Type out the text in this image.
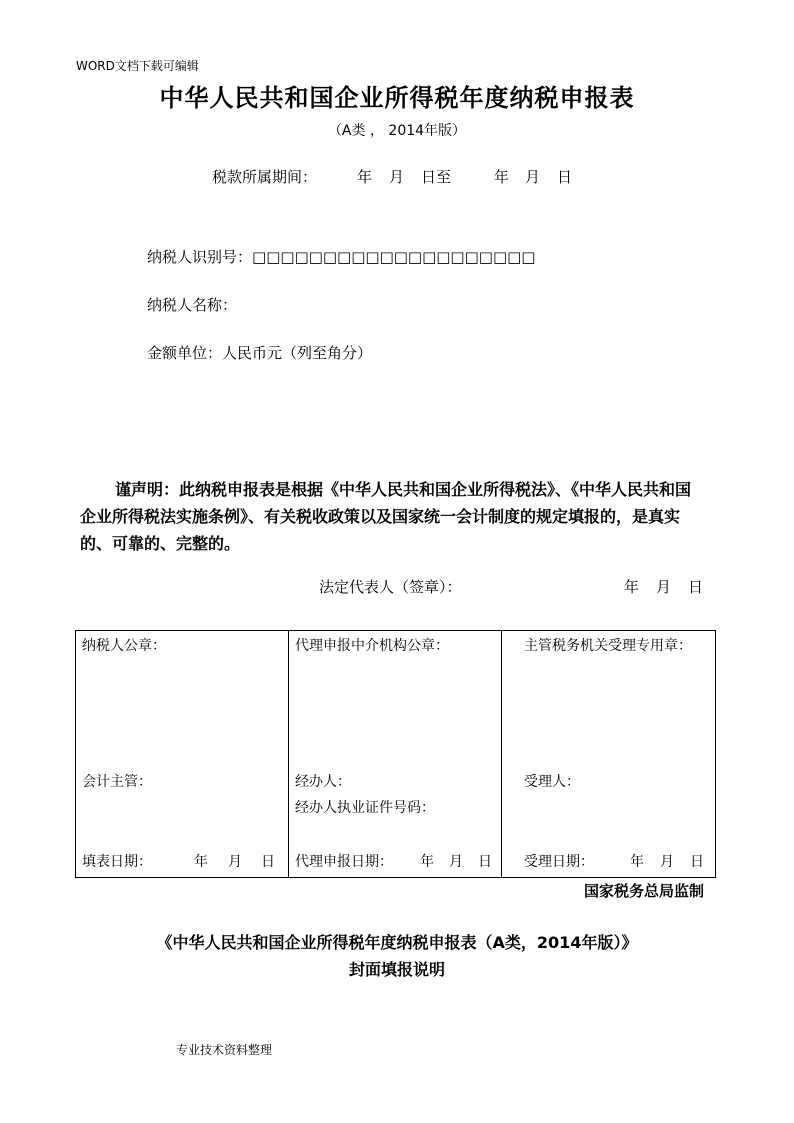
WORD文档下载可编辑
中华人民共和国企业所得税年度纳税申报表
（A类 ， 2014年版）
税款所属期间：	年 月 日至	年 月 日
纳税人识别号：□□□□□□□□□□□□□□□□□□□□
纳税人名称：
金额单位：人民币元（列至角分）
谨声明：此纳税申报表是根据《中华人民共和国企业所得税法》、《中华人民共和国企业所得税法实施条例》、有关税收政策以及国家统一会计制度的规定填报的，是真实的、可靠的、完整的。
法定代表人（签章）：	年 月 日
纳税人公章：
会计主管：
填表日期：	年 月 日

代理申报中介机构公章：
经办人：
经办人执业证件号码：
代理申报日期： 年 月 日

主管税务机关受理专用章：
受理人：
受理日期：	年 月 日
国家税务总局监制
《中华人民共和国企业所得税年度纳税申报表（A类，2014年版）》
封面填报说明
专业技术资料整理
